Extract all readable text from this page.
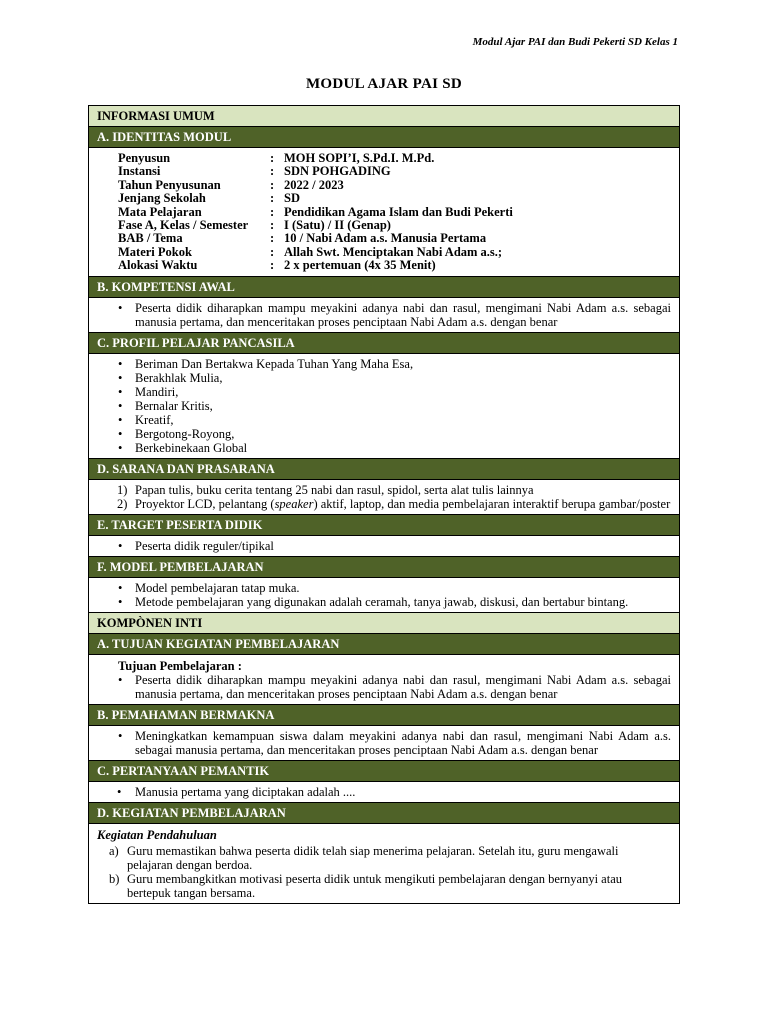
Modul Ajar PAI dan Budi Pekerti SD Kelas 1
MODUL AJAR PAI SD
INFORMASI UMUM
A. IDENTITAS MODUL
Penyusun	: MOH SOPI’I, S.Pd.I. M.Pd.
Instansi	: SDN POHGADING
Tahun Penyusunan	: 2022 / 2023
Jenjang Sekolah	: SD
Mata Pelajaran	: Pendidikan Agama Islam dan Budi Pekerti
Fase A, Kelas / Semester	: I (Satu) / II (Genap)
BAB / Tema	: 10 / Nabi Adam a.s. Manusia Pertama
Materi Pokok	: Allah Swt. Menciptakan Nabi Adam a.s.;
Alokasi Waktu	: 2 x pertemuan (4x 35 Menit)
B. KOMPETENSI AWAL
• Peserta didik diharapkan mampu meyakini adanya nabi dan rasul, mengimani Nabi Adam a.s. sebagai manusia pertama, dan menceritakan proses penciptaan Nabi Adam a.s. dengan benar
C. PROFIL PELAJAR PANCASILA
• Beriman Dan Bertakwa Kepada Tuhan Yang Maha Esa,
• Berakhlak Mulia,
• Mandiri,
• Bernalar Kritis,
• Kreatif,
• Bergotong-Royong,
• Berkebinekaan Global
D. SARANA DAN PRASARANA
1) Papan tulis, buku cerita tentang 25 nabi dan rasul, spidol, serta alat tulis lainnya
2) Proyektor LCD, pelantang (speaker) aktif, laptop, dan media pembelajaran interaktif berupa gambar/poster
E. TARGET PESERTA DIDIK
• Peserta didik reguler/tipikal
F. MODEL PEMBELAJARAN
• Model pembelajaran tatap muka.
• Metode pembelajaran yang digunakan adalah ceramah, tanya jawab, diskusi, dan bertabur bintang.
KOMPÒNEN INTI
A. TUJUAN KEGIATAN PEMBELAJARAN
Tujuan Pembelajaran :
• Peserta didik diharapkan mampu meyakini adanya nabi dan rasul, mengimani Nabi Adam a.s. sebagai manusia pertama, dan menceritakan proses penciptaan Nabi Adam a.s. dengan benar
B. PEMAHAMAN BERMAKNA
• Meningkatkan kemampuan siswa dalam meyakini adanya nabi dan rasul, mengimani Nabi Adam a.s. sebagai manusia pertama, dan menceritakan proses penciptaan Nabi Adam a.s. dengan benar
C. PERTANYAAN PEMANTIK
• Manusia pertama yang diciptakan adalah ....
D. KEGIATAN PEMBELAJARAN
Kegiatan Pendahuluan
a) Guru memastikan bahwa peserta didik telah siap menerima pelajaran. Setelah itu, guru mengawali pelajaran dengan berdoa.
b) Guru membangkitkan motivasi peserta didik untuk mengikuti pembelajaran dengan bernyanyi atau bertepuk tangan bersama.
